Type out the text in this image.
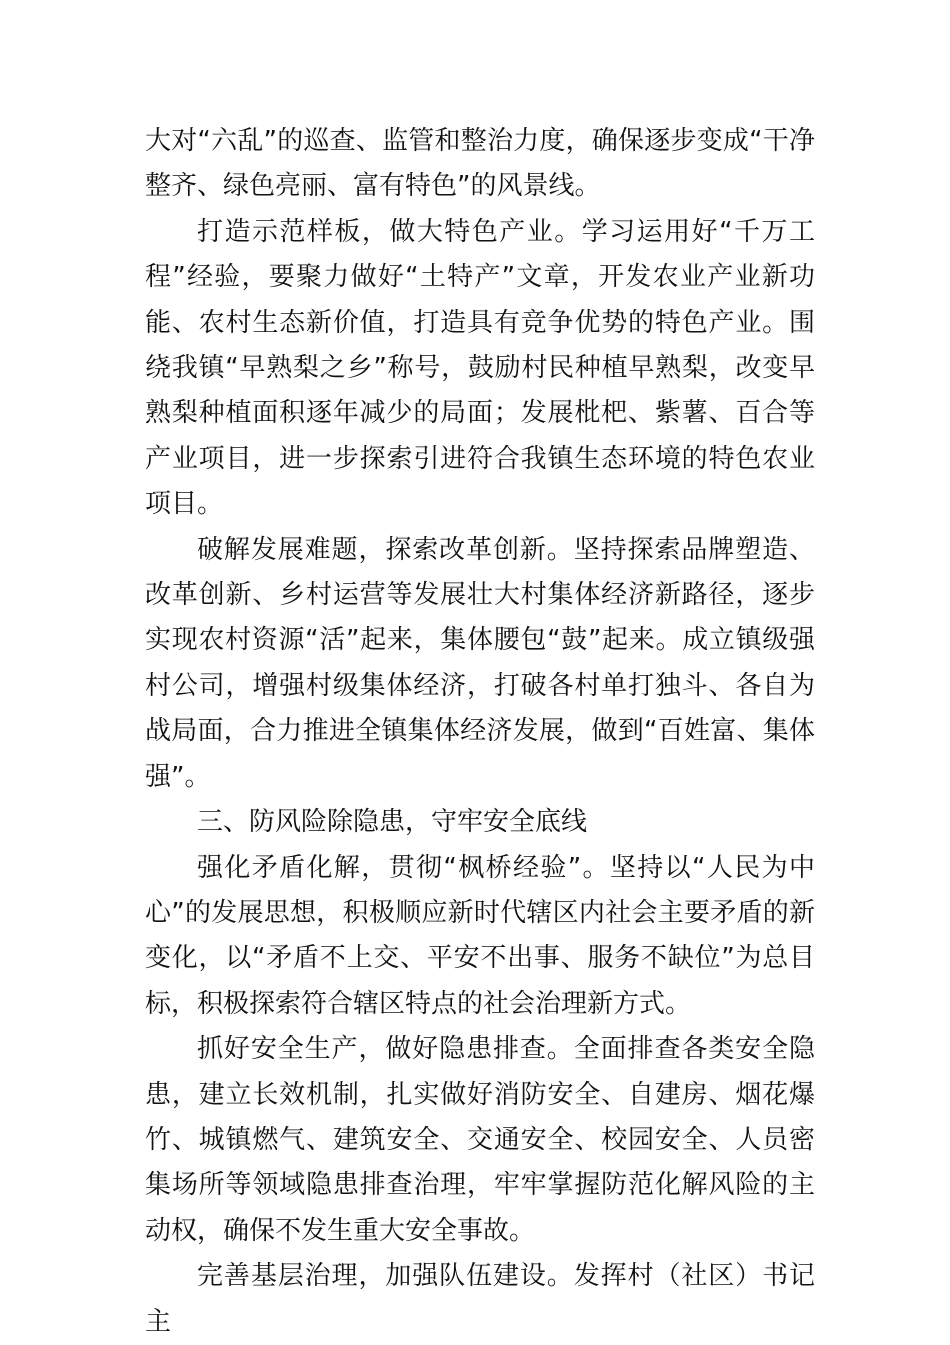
大对“六乱”的巡查、监管和整治力度，确保逐步变成“干净整齐、绿色亮丽、富有特色”的风景线。

打造示范样板，做大特色产业。学习运用好“千万工程”经验，要聚力做好“土特产”文章，开发农业产业新功能、农村生态新价值，打造具有竞争优势的特色产业。围绕我镇“早熟梨之乡”称号，鼓励村民种植早熟梨，改变早熟梨种植面积逐年减少的局面；发展枇杷、紫薯、百合等产业项目，进一步探索引进符合我镇生态环境的特色农业项目。

破解发展难题，探索改革创新。坚持探索品牌塑造、改革创新、乡村运营等发展壮大村集体经济新路径，逐步实现农村资源“活”起来，集体腰包“鼓”起来。成立镇级强村公司，增强村级集体经济，打破各村单打独斗、各自为战局面，合力推进全镇集体经济发展，做到“百姓富、集体强”。

三、防风险除隐患，守牢安全底线

强化矛盾化解，贯彻“枫桥经验”。坚持以“人民为中心”的发展思想，积极顺应新时代辖区内社会主要矛盾的新变化，以“矛盾不上交、平安不出事、服务不缺位”为总目标，积极探索符合辖区特点的社会治理新方式。

抓好安全生产，做好隐患排查。全面排查各类安全隐患，建立长效机制，扎实做好消防安全、自建房、烟花爆竹、城镇燃气、建筑安全、交通安全、校园安全、人员密集场所等领域隐患排查治理，牢牢掌握防范化解风险的主动权，确保不发生重大安全事故。

完善基层治理，加强队伍建设。发挥村（社区）书记主
